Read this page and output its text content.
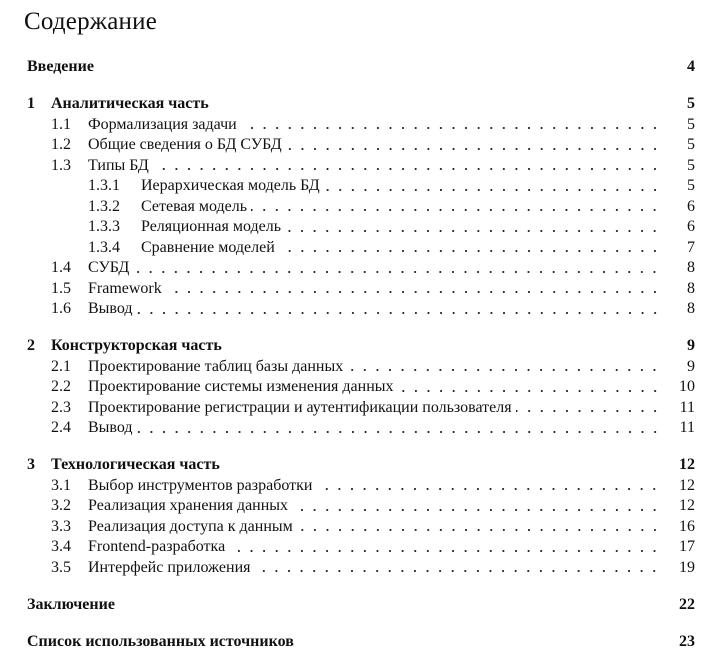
Содержание
Введение	4
1	Аналитическая часть	5
1.1	Формализация задачи	5
1.2	Общие сведения о БД СУБД	5
1.3	Типы БД	5
1.3.1	Иерархическая модель БД	5
1.3.2	Сетевая модель	6
1.3.3	Реляционная модель	6
1.3.4	Сравнение моделей	7
1.4	СУБД	8
1.5	Framework	8
1.6	Вывод	8
2	Конструкторская часть	9
2.1	Проектирование таблиц базы данных	9
2.2	Проектирование системы изменения данных	10
2.3	Проектирование регистрации и аутентификации пользователя	11
2.4	Вывод	11
3	Технологическая часть	12
3.1	Выбор инструментов разработки	12
3.2	Реализация хранения данных	12
3.3	Реализация доступа к данным	16
3.4	Frontend-разработка	17
3.5	Интерфейс приложения	19
Заключение	22
Список использованных источников	23
